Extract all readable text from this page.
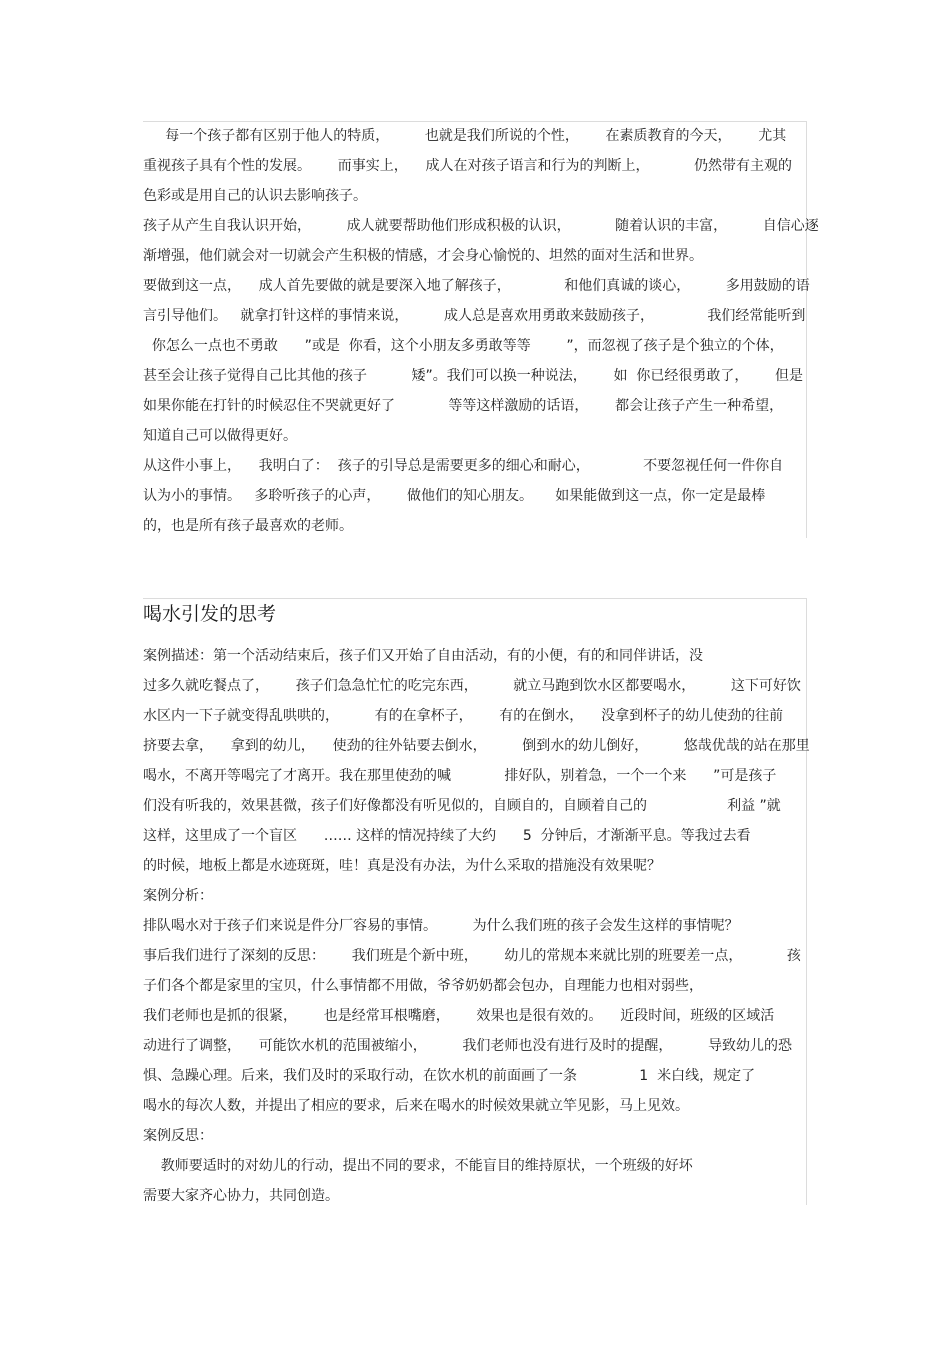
每一个孩子都有区别于他人的特质，        也就是我们所说的个性，      在素质教育的今天，      尤其
重视孩子具有个性的发展。      而事实上，    成人在对孩子语言和行为的判断上，          仍然带有主观的
色彩或是用自己的认识去影响孩子。
孩子从产生自我认识开始，        成人就要帮助他们形成积极的认识，          随着认识的丰富，        自信心逐
渐增强，他们就会对一切就会产生积极的情感，才会身心愉悦的、坦然的面对生活和世界。
要做到这一点，    成人首先要做的就是要深入地了解孩子，            和他们真诚的谈心，        多用鼓励的语
言引导他们。   就拿打针这样的事情来说，        成人总是喜欢用勇敢来鼓励孩子，            我们经常能听到
你怎么一点也不勇敢      ”或是  你看，这个小朋友多勇敢等等        ”，而忽视了孩子是个独立的个体，
甚至会让孩子觉得自己比其他的孩子          矮”。我们可以换一种说法，      如  你已经很勇敢了，      但是
如果你能在打针的时候忍住不哭就更好了            等等这样激励的话语，      都会让孩子产生一种希望，
知道自己可以做得更好。
从这件小事上，    我明白了：  孩子的引导总是需要更多的细心和耐心，            不要忽视任何一件你自
认为小的事情。   多聆听孩子的心声，      做他们的知心朋友。     如果能做到这一点，你一定是最棒
的，也是所有孩子最喜欢的老师。
喝水引发的思考
案例描述：第一个活动结束后，孩子们又开始了自由活动，有的小便，有的和同伴讲话，没
过多久就吃餐点了，      孩子们急急忙忙的吃完东西，        就立马跑到饮水区都要喝水，        这下可好饮
水区内一下子就变得乱哄哄的，        有的在拿杯子，      有的在倒水，    没拿到杯子的幼儿使劲的往前
挤要去拿，    拿到的幼儿，    使劲的往外钻要去倒水，        倒到水的幼儿倒好，        悠哉优哉的站在那里
喝水，不离开等喝完了才离开。我在那里使劲的喊            排好队，别着急，一个一个来      ”可是孩子
们没有听我的，效果甚微，孩子们好像都没有听见似的，自顾自的，自顾着自己的                  利益 ”就
这样，这里成了一个盲区      …… 这样的情况持续了大约      5  分钟后，才渐渐平息。等我过去看
的时候，地板上都是水迹斑斑，哇！真是没有办法，为什么采取的措施没有效果呢？
案例分析：
排队喝水对于孩子们来说是件分厂容易的事情。        为什么我们班的孩子会发生这样的事情呢？
事后我们进行了深刻的反思：      我们班是个新中班，      幼儿的常规本来就比别的班要差一点，          孩
子们各个都是家里的宝贝，什么事情都不用做，爷爷奶奶都会包办，自理能力也相对弱些，
我们老师也是抓的很紧，      也是经常耳根嘴磨，      效果也是很有效的。    近段时间，班级的区域活
动进行了调整，    可能饮水机的范围被缩小，        我们老师也没有进行及时的提醒，        导致幼儿的恐
惧、急躁心理。后来，我们及时的采取行动，在饮水机的前面画了一条              1  米白线，规定了
喝水的每次人数，并提出了相应的要求，后来在喝水的时候效果就立竿见影，马上见效。
案例反思：
教师要适时的对幼儿的行动，提出不同的要求，不能盲目的维持原状，一个班级的好坏
需要大家齐心协力，共同创造。
